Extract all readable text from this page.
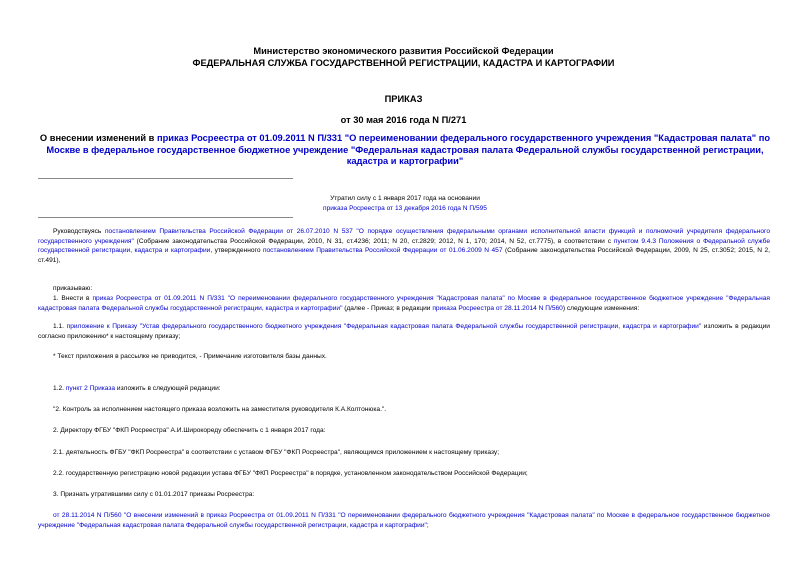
Министерство экономического развития Российской Федерации
ФЕДЕРАЛЬНАЯ СЛУЖБА ГОСУДАРСТВЕННОЙ РЕГИСТРАЦИИ, КАДАСТРА И КАРТОГРАФИИ
ПРИКАЗ
от 30 мая 2016 года N П/271
О внесении изменений в приказ Росреестра от 01.09.2011 N П/331 "О переименовании федерального государственного учреждения "Кадастровая палата" по Москве в федеральное государственное бюджетное учреждение "Федеральная кадастровая палата Федеральной службы государственной регистрации, кадастра и картографии"
Утратил силу с 1 января 2017 года на основании
приказа Росреестра от 13 декабря 2016 года N П/595
Руководствуясь постановлением Правительства Российской Федерации от 26.07.2010 N 537 "О порядке осуществления федеральными органами исполнительной власти функций и полномочий учредителя федерального государственного учреждения" (Собрание законодательства Российской Федерации, 2010, N 31, ст.4236; 2011; N 20, ст.2829; 2012, N 1, 170; 2014, N 52, ст.7775), в соответствии с пунктом 9.4.3 Положения о Федеральной службе государственной регистрации, кадастра и картографии, утвержденного постановлением Правительства Российской Федерации от 01.06.2009 N 457 (Собрание законодательства Российской Федерации, 2009, N 25, ст.3052; 2015, N 2, ст.491),
приказываю:
1. Внести в приказ Росреестра от 01.09.2011 N П/331 "О переименовании федерального государственного учреждения "Кадастровая палата" по Москве в федеральное государственное бюджетное учреждение "Федеральная кадастровая палата Федеральной службы государственной регистрации, кадастра и картографии" (далее - Приказ; в редакции приказа Росреестра от 28.11.2014 N П/560) следующие изменения:
1.1. приложение к Приказу "Устав федерального государственного бюджетного учреждения "Федеральная кадастровая палата Федеральной службы государственной регистрации, кадастра и картографии" изложить в редакции согласно приложению* к настоящему приказу;
* Текст приложения в рассылке не приводится, - Примечание изготовителя базы данных.
1.2. пункт 2 Приказа изложить в следующей редакции:
"2. Контроль за исполнением настоящего приказа возложить на заместителя руководителя К.А.Колтонюка.".
2. Директору ФГБУ "ФКП Росреестра" А.И.Широкореду обеспечить с 1 января 2017 года:
2.1. деятельность ФГБУ "ФКП Росреестра" в соответствии с уставом ФГБУ "ФКП Росреестра", являющимся приложением к настоящему приказу;
2.2. государственную регистрацию новой редакции устава ФГБУ "ФКП Росреестра" в порядке, установленном законодательством Российской Федерации;
3. Признать утратившими силу с 01.01.2017 приказы Росреестра:
от 28.11.2014 N П/560 "О внесении изменений в приказ Росреестра от 01.09.2011 N П/331 "О переименовании федерального бюджетного учреждения "Кадастровая палата" по Москве в федеральное государственное бюджетное учреждение "Федеральная кадастровая палата Федеральной службы государственной регистрации, кадастра и картографии";
